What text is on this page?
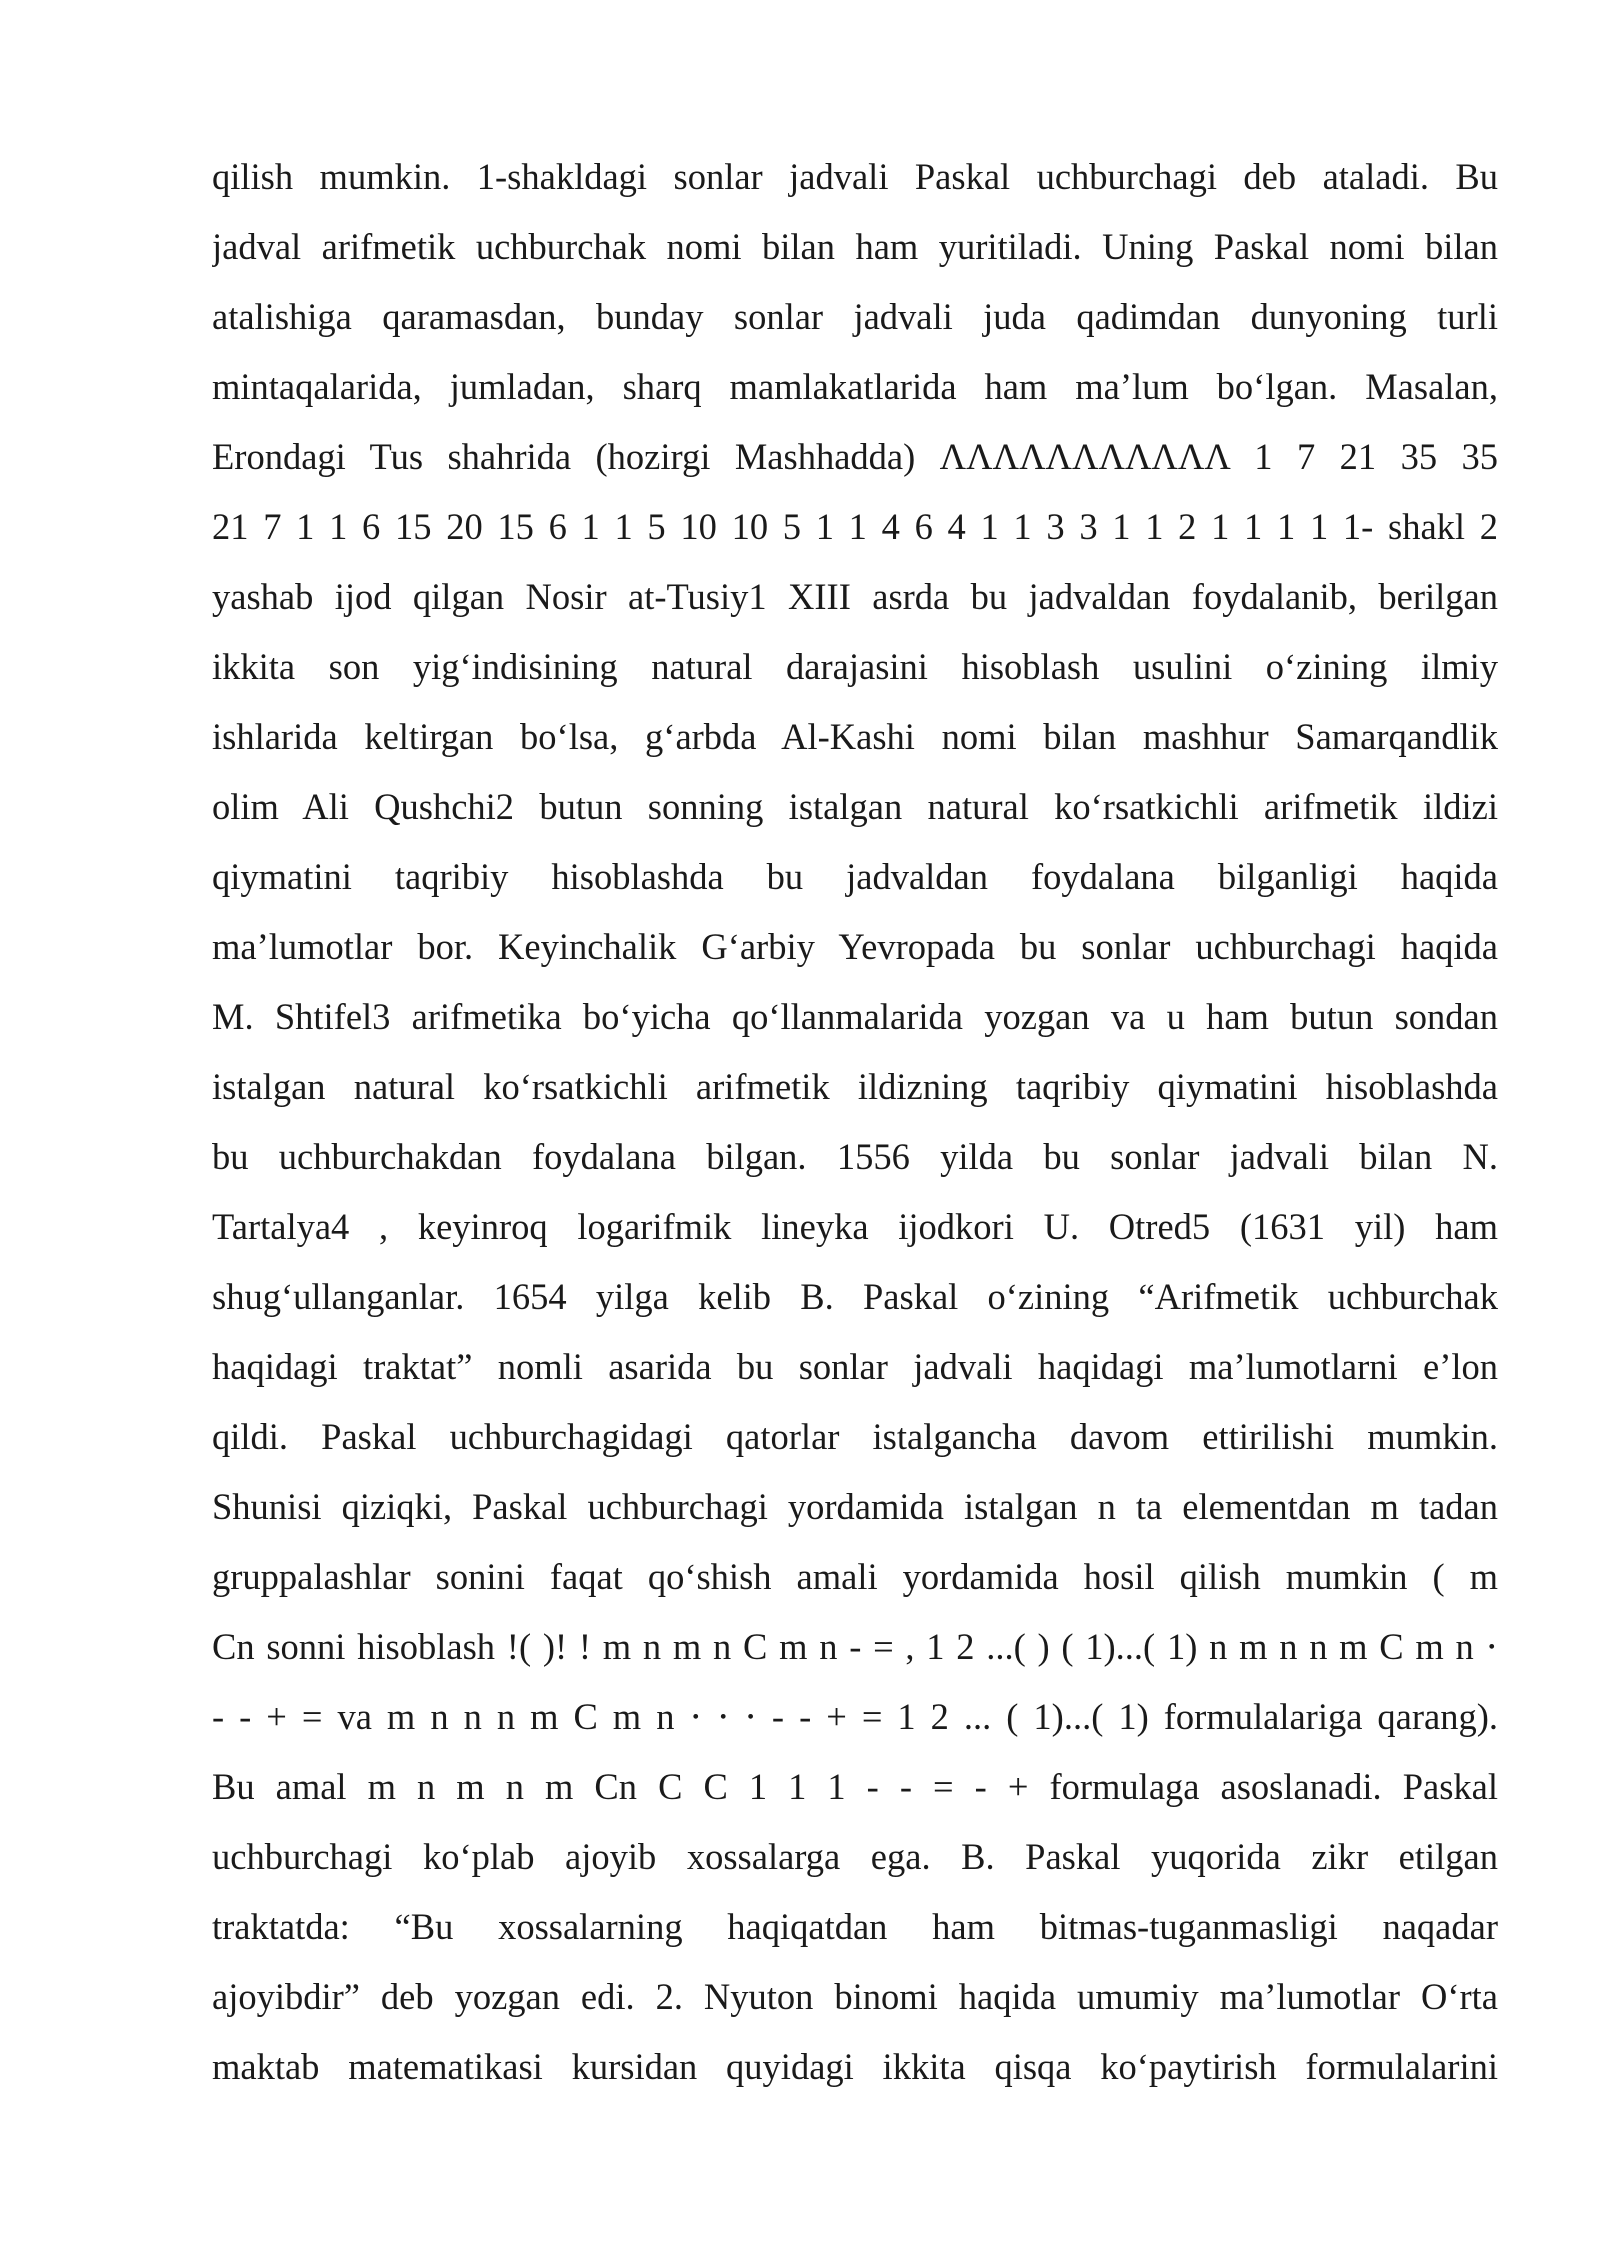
qilish mumkin. 1-shakldagi sonlar jadvali Paskal uchburchagi deb ataladi. Bu
jadval arifmetik uchburchak nomi bilan ham yuritiladi. Uning Paskal nomi bilan
atalishiga qaramasdan, bunday sonlar jadvali juda qadimdan dunyoning turli
mintaqalarida, jumladan, sharq mamlakatlarida ham ma’lum bo‘lgan. Masalan,
Erondagi Tus shahrida (hozirgi Mashhadda) ΛΛΛΛΛΛΛΛΛΛΛ 1 7 21 35 35
21 7 1 1 6 15 20 15 6 1 1 5 10 10 5 1 1 4 6 4 1 1 3 3 1 1 2 1 1 1 1 1- shakl 2
yashab ijod qilgan Nosir at-Tusiy1 XIII asrda bu jadvaldan foydalanib, berilgan
ikkita son yig‘indisining natural darajasini hisoblash usulini o‘zining ilmiy
ishlarida keltirgan bo‘lsa, g‘arbda Al-Kashi nomi bilan mashhur Samarqandlik
olim Ali Qushchi2 butun sonning istalgan natural ko‘rsatkichli arifmetik ildizi
qiymatini taqribiy hisoblashda bu jadvaldan foydalana bilganligi haqida
ma’lumotlar bor. Keyinchalik G‘arbiy Yevropada bu sonlar uchburchagi haqida
M. Shtifel3 arifmetika bo‘yicha qo‘llanmalarida yozgan va u ham butun sondan
istalgan natural ko‘rsatkichli arifmetik ildizning taqribiy qiymatini hisoblashda
bu uchburchakdan foydalana bilgan. 1556 yilda bu sonlar jadvali bilan N.
Tartalya4 , keyinroq logarifmik lineyka ijodkori U. Otred5 (1631 yil) ham
shug‘ullanganlar. 1654 yilga kelib B. Paskal o‘zining “Arifmetik uchburchak
haqidagi traktat” nomli asarida bu sonlar jadvali haqidagi ma’lumotlarni e’lon
qildi. Paskal uchburchagidagi qatorlar istalgancha davom ettirilishi mumkin.
Shunisi qiziqki, Paskal uchburchagi yordamida istalgan n ta elementdan m tadan
gruppalashlar sonini faqat qo‘shish amali yordamida hosil qilish mumkin ( m
Cn sonni hisoblash !( )! ! m n m n C m n - = , 1 2 ...( ) ( 1)...( 1) n m n n m C m n ⋅
- - + = va m n n n m C m n ⋅ ⋅ ⋅ - - + = 1 2 ... ( 1)...( 1) formulalariga qarang).
Bu amal m n m n m Cn C C 1 1 1 - - = - + formulaga asoslanadi. Paskal
uchburchagi ko‘plab ajoyib xossalarga ega. B. Paskal yuqorida zikr etilgan
traktatda: “Bu xossalarning haqiqatdan ham bitmas-tuganmasligi naqadar
ajoyibdir” deb yozgan edi. 2. Nyuton binomi haqida umumiy ma’lumotlar O‘rta
maktab matematikasi kursidan quyidagi ikkita qisqa ko‘paytirish formulalarini
